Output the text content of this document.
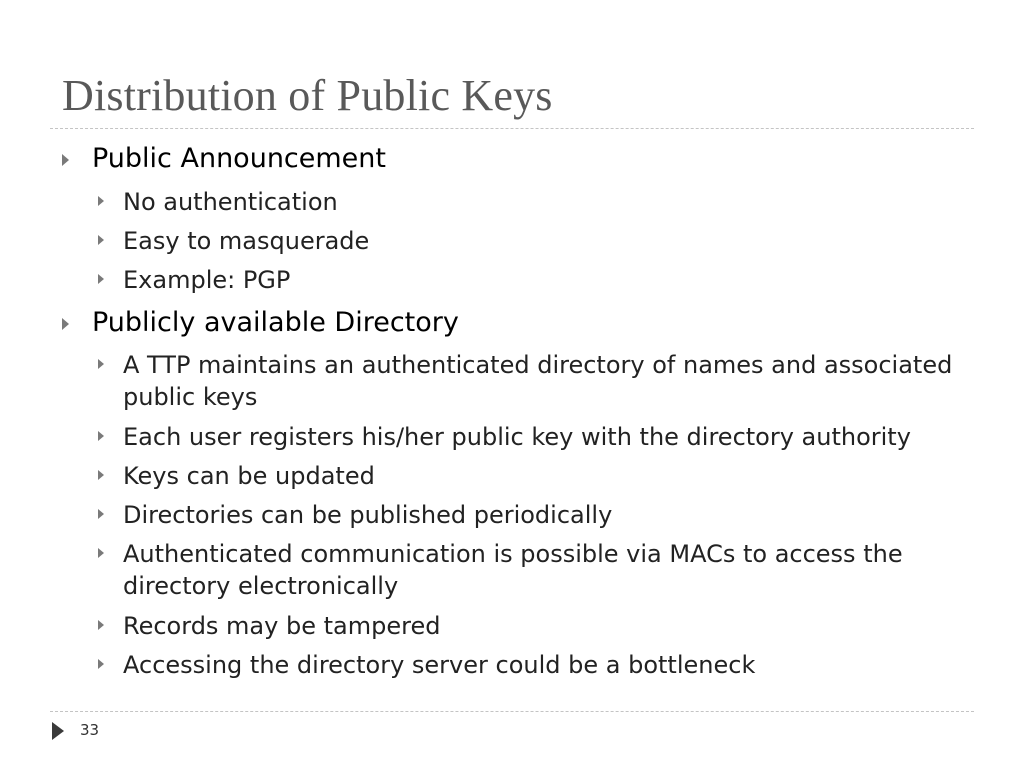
Distribution of Public Keys
Public Announcement
No authentication
Easy to masquerade
Example: PGP
Publicly available Directory
A TTP maintains an authenticated directory of names and associated public keys
Each user registers his/her public key with the directory authority
Keys can be updated
Directories can be published periodically
Authenticated communication is possible via MACs to access the directory electronically
Records may be tampered
Accessing the directory server could be a bottleneck
33
